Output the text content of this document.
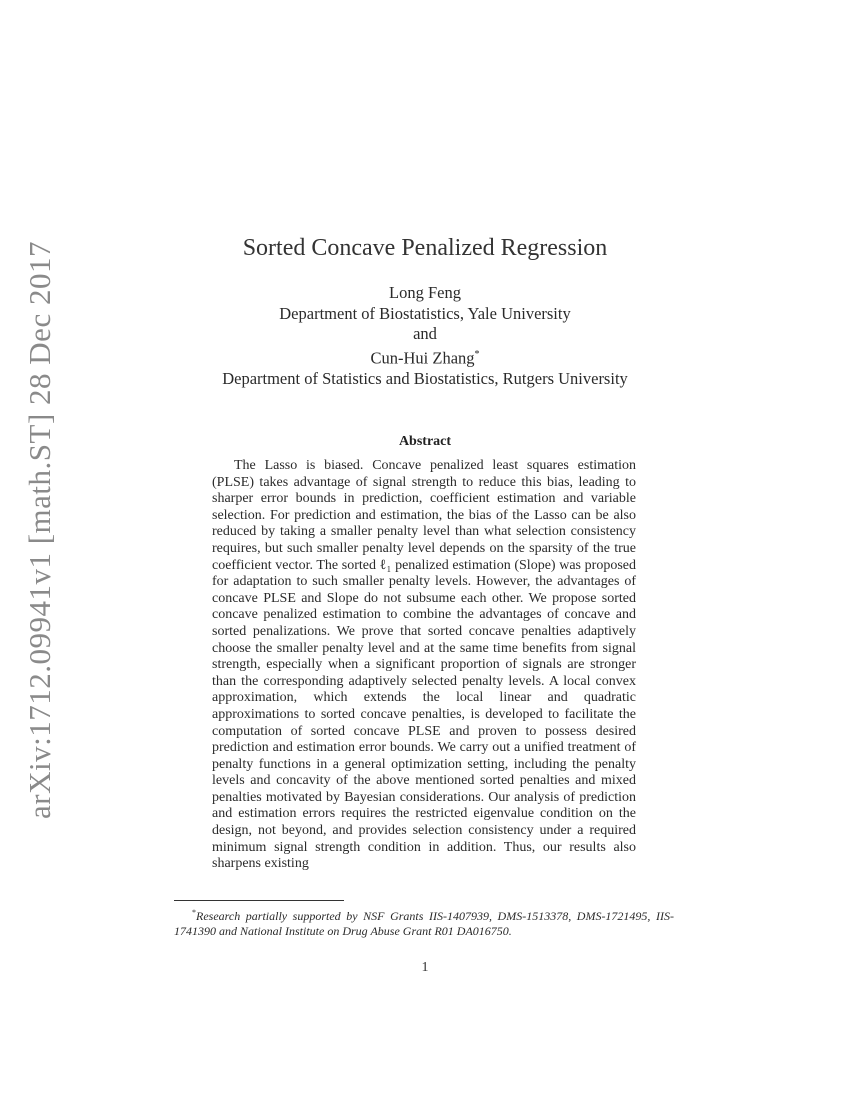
arXiv:1712.09941v1 [math.ST] 28 Dec 2017	Sorted Concave Penalized Regression
Long Feng
Department of Biostatistics, Yale University
and
Cun-Hui Zhang*
Department of Statistics and Biostatistics, Rutgers University
Abstract

The Lasso is biased. Concave penalized least squares estimation (PLSE) takes advantage of signal strength to reduce this bias, leading to sharper error bounds in prediction, coefficient estimation and variable selection. For prediction and estimation, the bias of the Lasso can be also reduced by taking a smaller penalty level than what selection consistency requires, but such smaller penalty level depends on the sparsity of the true coefficient vector. The sorted ℓ₁ penalized estimation (Slope) was proposed for adaptation to such smaller penalty levels. However, the advantages of concave PLSE and Slope do not subsume each other. We propose sorted concave penalized estimation to combine the advantages of concave and sorted penalizations. We prove that sorted concave penalties adaptively choose the smaller penalty level and at the same time benefits from signal strength, especially when a significant proportion of signals are stronger than the corresponding adaptively selected penalty levels. A local convex approximation, which extends the local linear and quadratic approximations to sorted concave penalties, is developed to facilitate the computation of sorted concave PLSE and proven to possess desired prediction and estimation error bounds. We carry out a unified treatment of penalty functions in a general optimization setting, including the penalty levels and concavity of the above mentioned sorted penalties and mixed penalties motivated by Bayesian considerations. Our analysis of prediction and estimation errors requires the restricted eigenvalue condition on the design, not beyond, and provides selection consistency under a required minimum signal strength condition in addition. Thus, our results also sharpens existing

*Research partially supported by NSF Grants IIS-1407939, DMS-1513378, DMS-1721495, IIS-1741390 and National Institute on Drug Abuse Grant R01 DA016750.

1
